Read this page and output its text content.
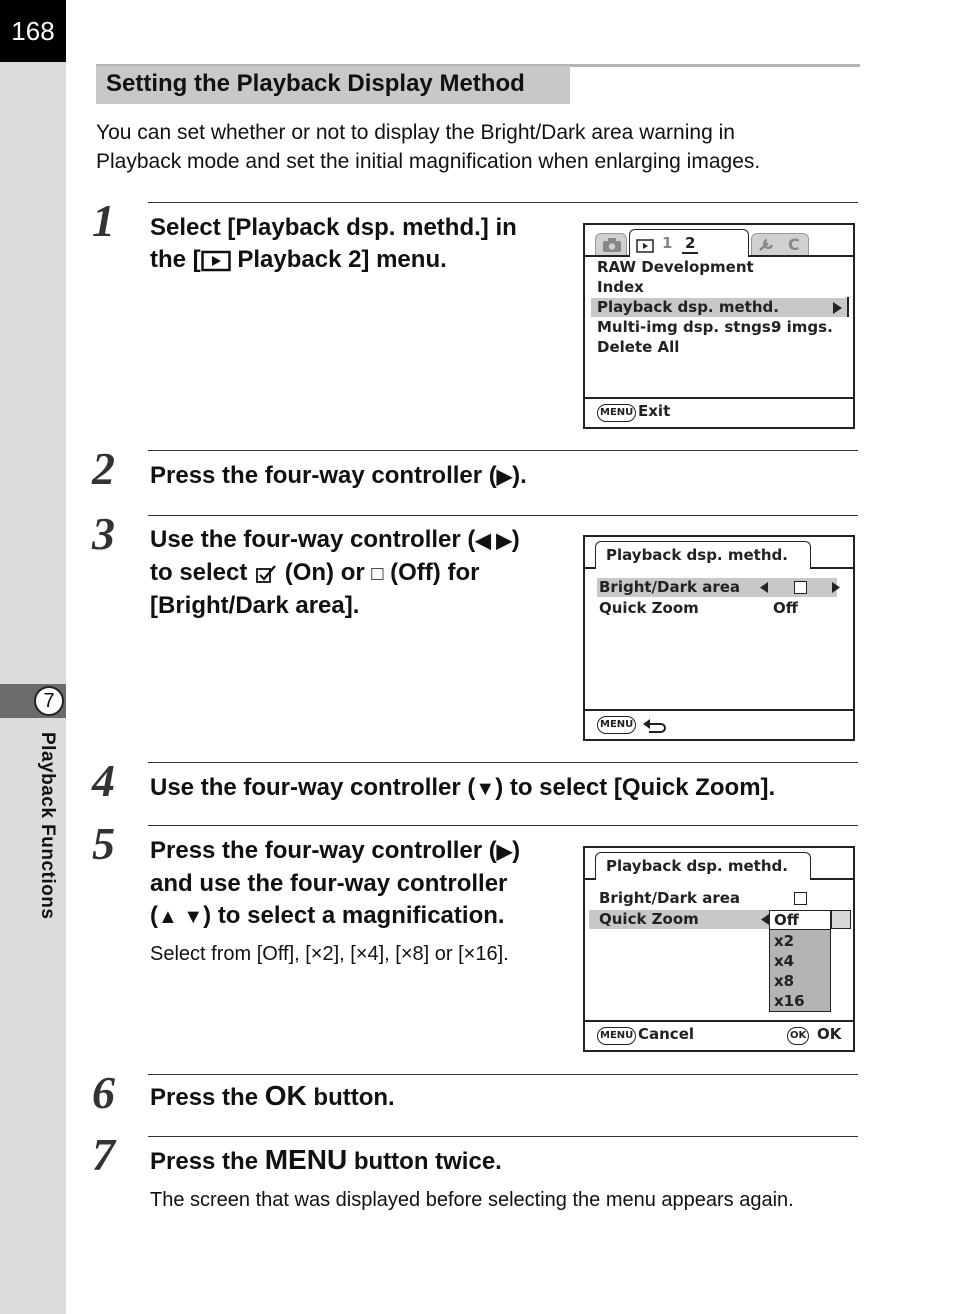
168
7
Playback Functions
Setting the Playback Display Method
You can set whether or not to display the Bright/Dark area warning in
Playback mode and set the initial magnification when enlarging images.
1 Select [Playback dsp. methd.] in
the [ Playback 2] menu.
1 2	C
RAW Development
Index
Playback dsp. methd.
Multi-img dsp. stngs.
9 imgs.
Delete All
MENU Exit
2 Press the four-way controller (▶).
3 Use the four-way controller (◀ ▶)
to select  (On) or □ (Off) for
[Bright/Dark area].
Playback dsp. methd.
Bright/Dark area
Quick Zoom	Off
MENU
4 Use the four-way controller (▼) to select [Quick Zoom].
5 Press the four-way controller (▶)
and use the four-way controller
(▲ ▼) to select a magnification.
Select from [Off], [×2], [×4], [×8] or [×16].
Playback dsp. methd.
Bright/Dark area
Quick Zoom	Off
x2
x4
x8
x16
MENU Cancel	OK OK
6 Press the OK button.
7 Press the MENU button twice.
The screen that was displayed before selecting the menu appears again.
